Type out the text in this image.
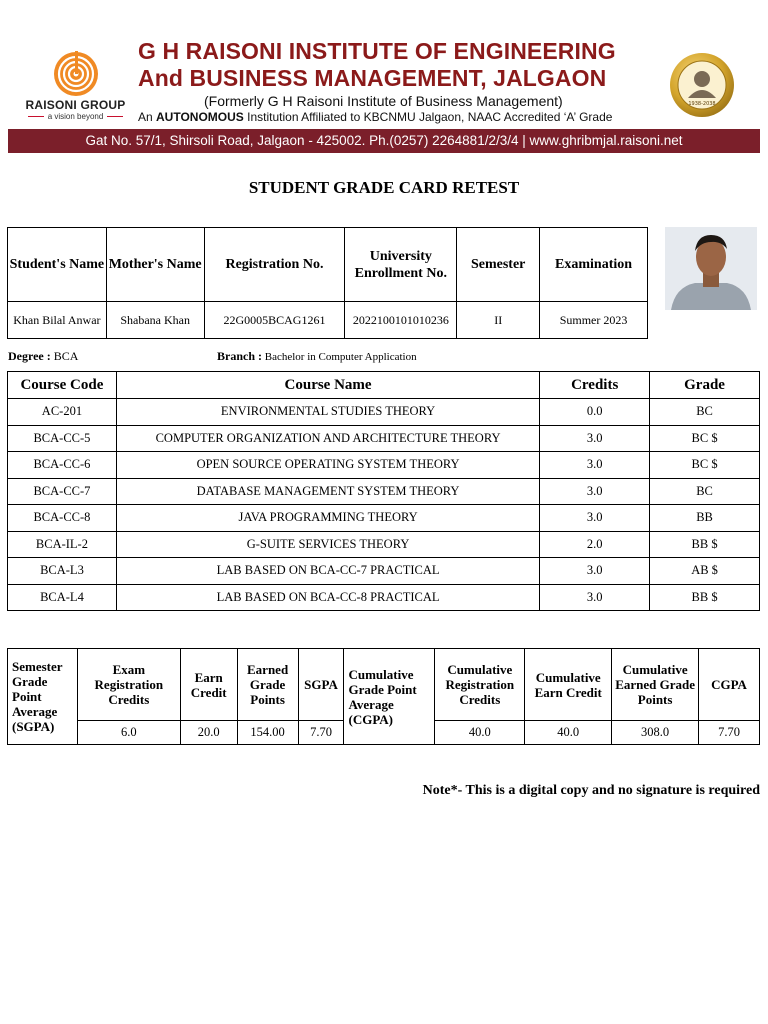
RAISONI GROUP
a vision beyond
G H RAISONI INSTITUTE OF ENGINEERING
And BUSINESS MANAGEMENT, JALGAON
(Formerly G H Raisoni Institute of Business Management)
An AUTONOMOUS Institution Affiliated to KBCNMU Jalgaon, NAAC Accredited ‘A’ Grade
1938-2038
Gat No. 57/1, Shirsoli Road, Jalgaon - 425002. Ph.(0257) 2264881/2/3/4 | www.ghribmjal.raisoni.net
STUDENT GRADE CARD RETEST
Student's Name	Mother's Name	Registration No.	University Enrollment No.	Semester	Examination
Khan Bilal Anwar	Shabana Khan	22G0005BCAG1261	2022100101010236	II	Summer 2023
Degree : BCA	Branch : Bachelor in Computer Application
Course Code	Course Name	Credits	Grade
AC-201	ENVIRONMENTAL STUDIES THEORY	0.0	BC
BCA-CC-5	COMPUTER ORGANIZATION AND ARCHITECTURE THEORY	3.0	BC $
BCA-CC-6	OPEN SOURCE OPERATING SYSTEM THEORY	3.0	BC $
BCA-CC-7	DATABASE MANAGEMENT SYSTEM THEORY	3.0	BC
BCA-CC-8	JAVA PROGRAMMING THEORY	3.0	BB
BCA-IL-2	G-SUITE SERVICES THEORY	2.0	BB $
BCA-L3	LAB BASED ON BCA-CC-7 PRACTICAL	3.0	AB $
BCA-L4	LAB BASED ON BCA-CC-8 PRACTICAL	3.0	BB $
Semester Grade Point Average (SGPA)	Exam Registration Credits	Earn Credit	Earned Grade Points	SGPA	Cumulative Grade Point Average (CGPA)	Cumulative Registration Credits	Cumulative Earn Credit	Cumulative Earned Grade Points	CGPA
	6.0	20.0	154.00	7.70		40.0	40.0	308.0	7.70
Note*- This is a digital copy and no signature is required
